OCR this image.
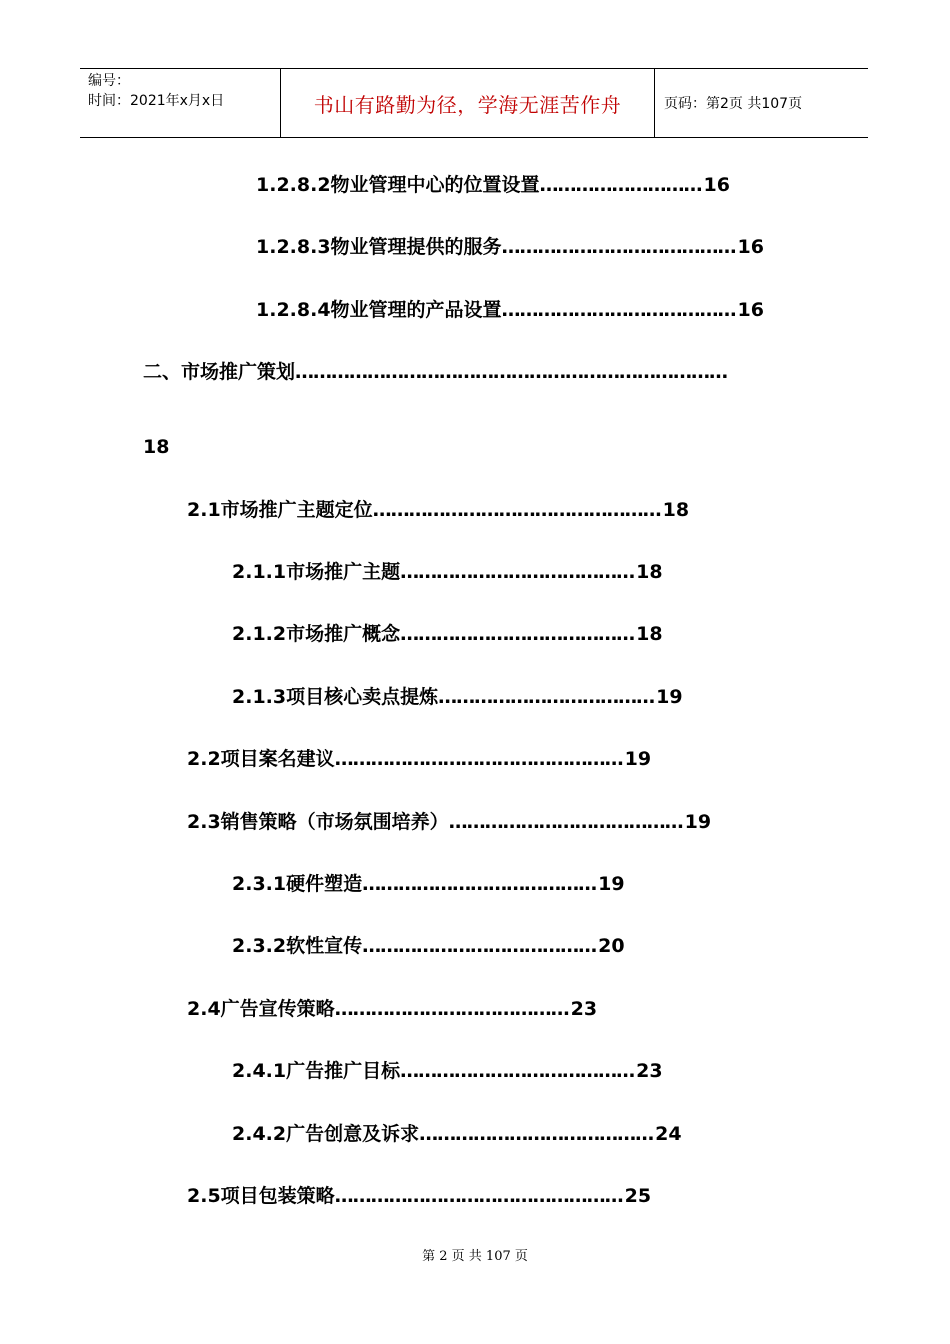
编号：
时间：2021年x月x日	书山有路勤为径，学海无涯苦作舟	页码：第2页 共107页
1.2.8.2物业管理中心的位置设置……………………… 16
1.2.8.3物业管理提供的服务………………………………… 16
1.2.8.4物业管理的产品设置………………………………… 16
二、市场推广策划………………………………………………………………
18
2.1市场推广主题定位………………………………………… 18
2.1.1市场推广主题………………………………… 18
2.1.2市场推广概念………………………………… 18
2.1.3项目核心卖点提炼……………………………… 19
2.2项目案名建议………………………………………… 19
2.3销售策略（市场氛围培养）………………………………… 19
2.3.1硬件塑造………………………………… 19
2.3.2软性宣传………………………………… 20
2.4广告宣传策略………………………………… 23
2.4.1广告推广目标………………………………… 23
2.4.2广告创意及诉求………………………………… 24
2.5项目包装策略………………………………………… 25
第 2 页 共 107 页
